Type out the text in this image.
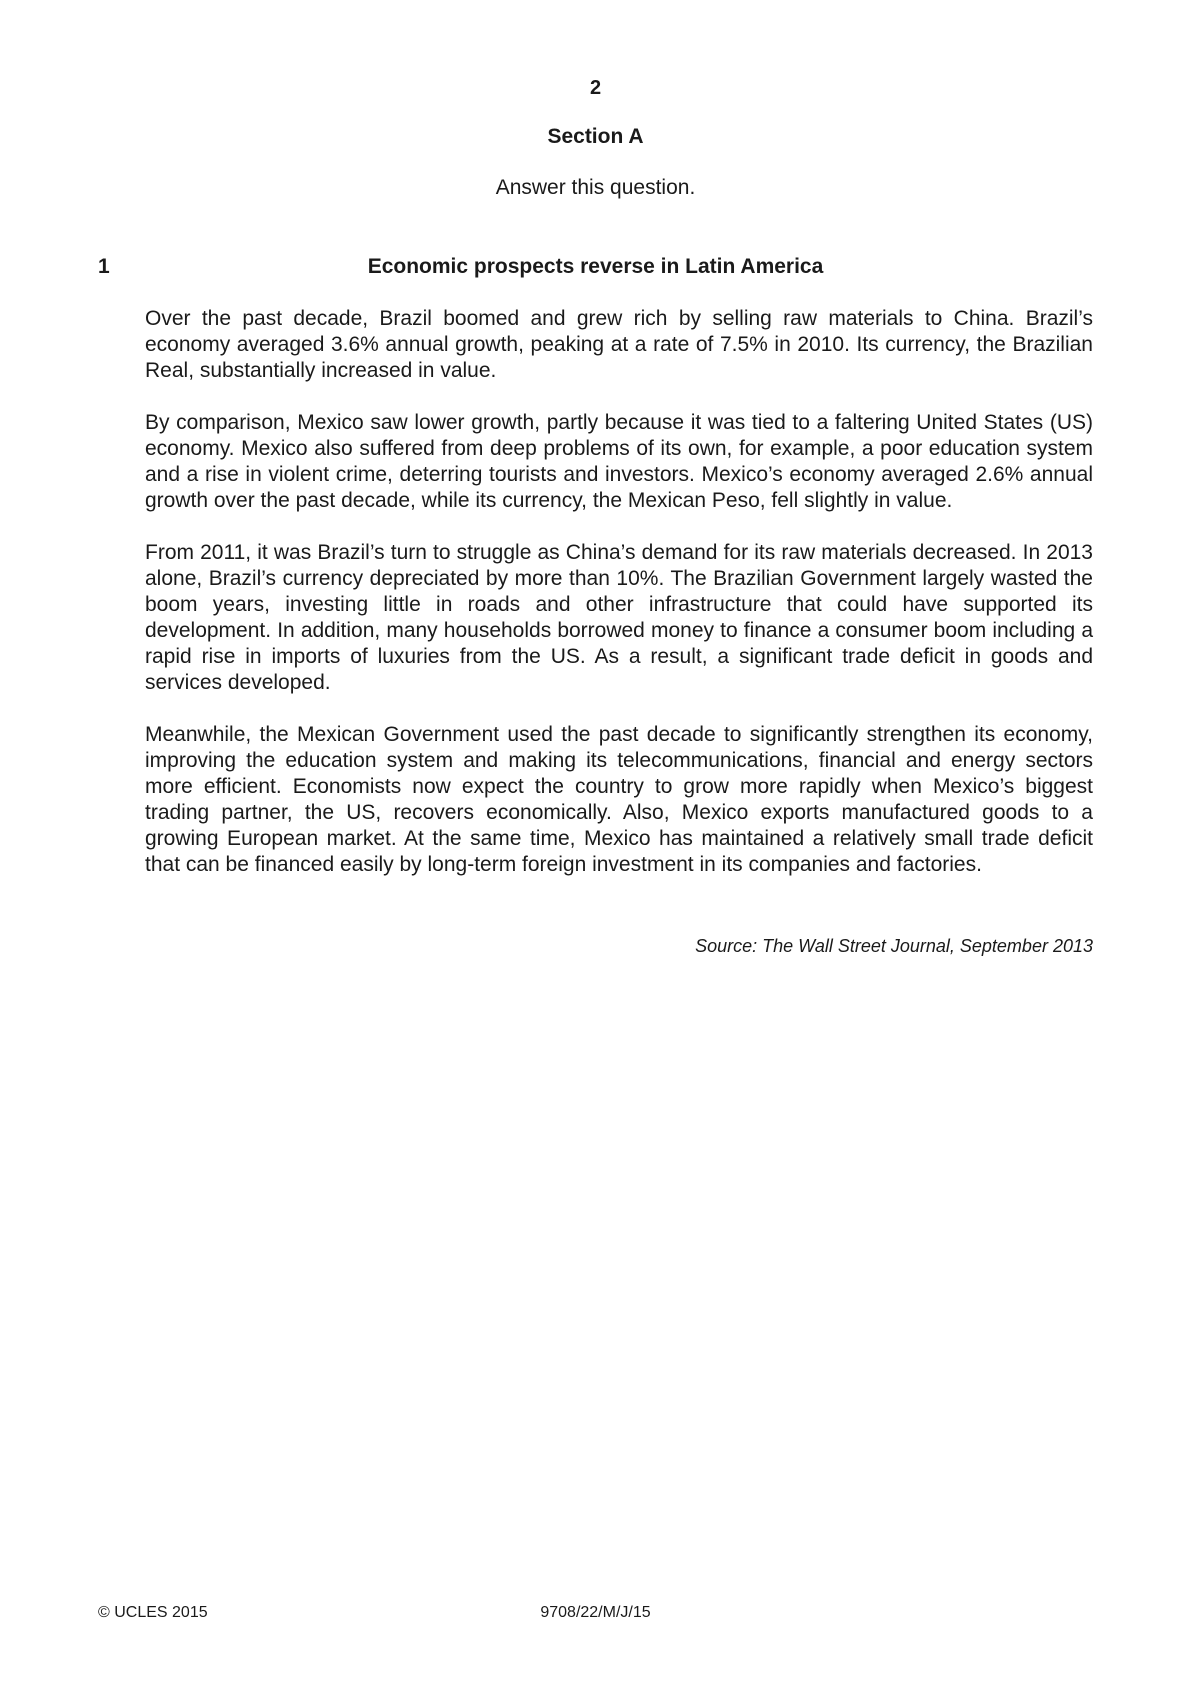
2
Section A
Answer this question.
1	Economic prospects reverse in Latin America

Over the past decade, Brazil boomed and grew rich by selling raw materials to China. Brazil’s economy averaged 3.6% annual growth, peaking at a rate of 7.5% in 2010. Its currency, the Brazilian Real, substantially increased in value.

By comparison, Mexico saw lower growth, partly because it was tied to a faltering United States (US) economy. Mexico also suffered from deep problems of its own, for example, a poor education system and a rise in violent crime, deterring tourists and investors. Mexico’s economy averaged 2.6% annual growth over the past decade, while its currency, the Mexican Peso, fell slightly in value.

From 2011, it was Brazil’s turn to struggle as China’s demand for its raw materials decreased. In 2013 alone, Brazil’s currency depreciated by more than 10%. The Brazilian Government largely wasted the boom years, investing little in roads and other infrastructure that could have supported its development. In addition, many households borrowed money to finance a consumer boom including a rapid rise in imports of luxuries from the US. As a result, a significant trade deficit in goods and services developed.

Meanwhile, the Mexican Government used the past decade to significantly strengthen its economy, improving the education system and making its telecommunications, financial and energy sectors more efficient. Economists now expect the country to grow more rapidly when Mexico’s biggest trading partner, the US, recovers economically. Also, Mexico exports manufactured goods to a growing European market. At the same time, Mexico has maintained a relatively small trade deficit that can be financed easily by long-term foreign investment in its companies and factories.

Source: The Wall Street Journal, September 2013
© UCLES 2015	9708/22/M/J/15
